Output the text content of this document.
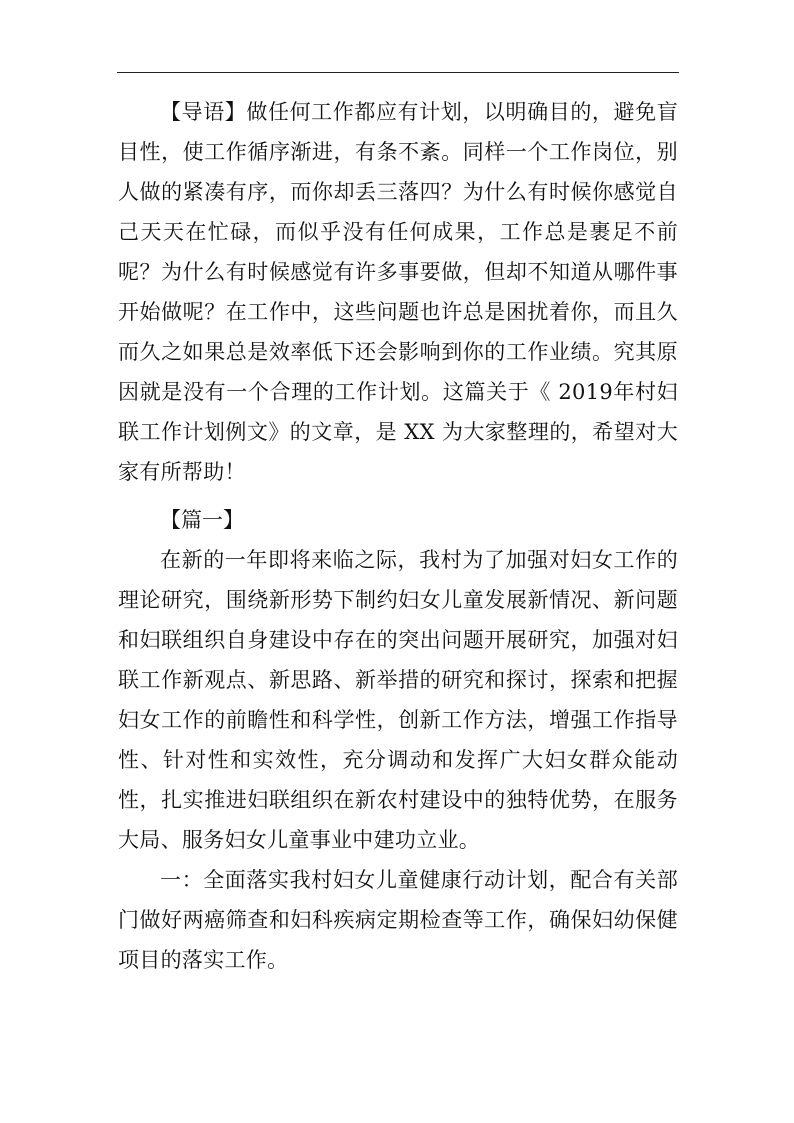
【导语】做任何工作都应有计划，以明确目的，避免盲目性，使工作循序渐进，有条不紊。同样一个工作岗位，别人做的紧凑有序，而你却丢三落四？为什么有时候你感觉自己天天在忙碌，而似乎没有任何成果，工作总是裹足不前呢？为什么有时候感觉有许多事要做，但却不知道从哪件事开始做呢？在工作中，这些问题也许总是困扰着你，而且久而久之如果总是效率低下还会影响到你的工作业绩。究其原因就是没有一个合理的工作计划。这篇关于《 2019年村妇联工作计划例文》的文章，是 XX 为大家整理的，希望对大家有所帮助！

【篇一】

在新的一年即将来临之际，我村为了加强对妇女工作的理论研究，围绕新形势下制约妇女儿童发展新情况、新问题和妇联组织自身建设中存在的突出问题开展研究，加强对妇联工作新观点、新思路、新举措的研究和探讨，探索和把握妇女工作的前瞻性和科学性，创新工作方法，增强工作指导性、针对性和实效性，充分调动和发挥广大妇女群众能动性，扎实推进妇联组织在新农村建设中的独特优势，在服务大局、服务妇女儿童事业中建功立业。

一：全面落实我村妇女儿童健康行动计划，配合有关部门做好两癌筛查和妇科疾病定期检查等工作，确保妇幼保健项目的落实工作。
